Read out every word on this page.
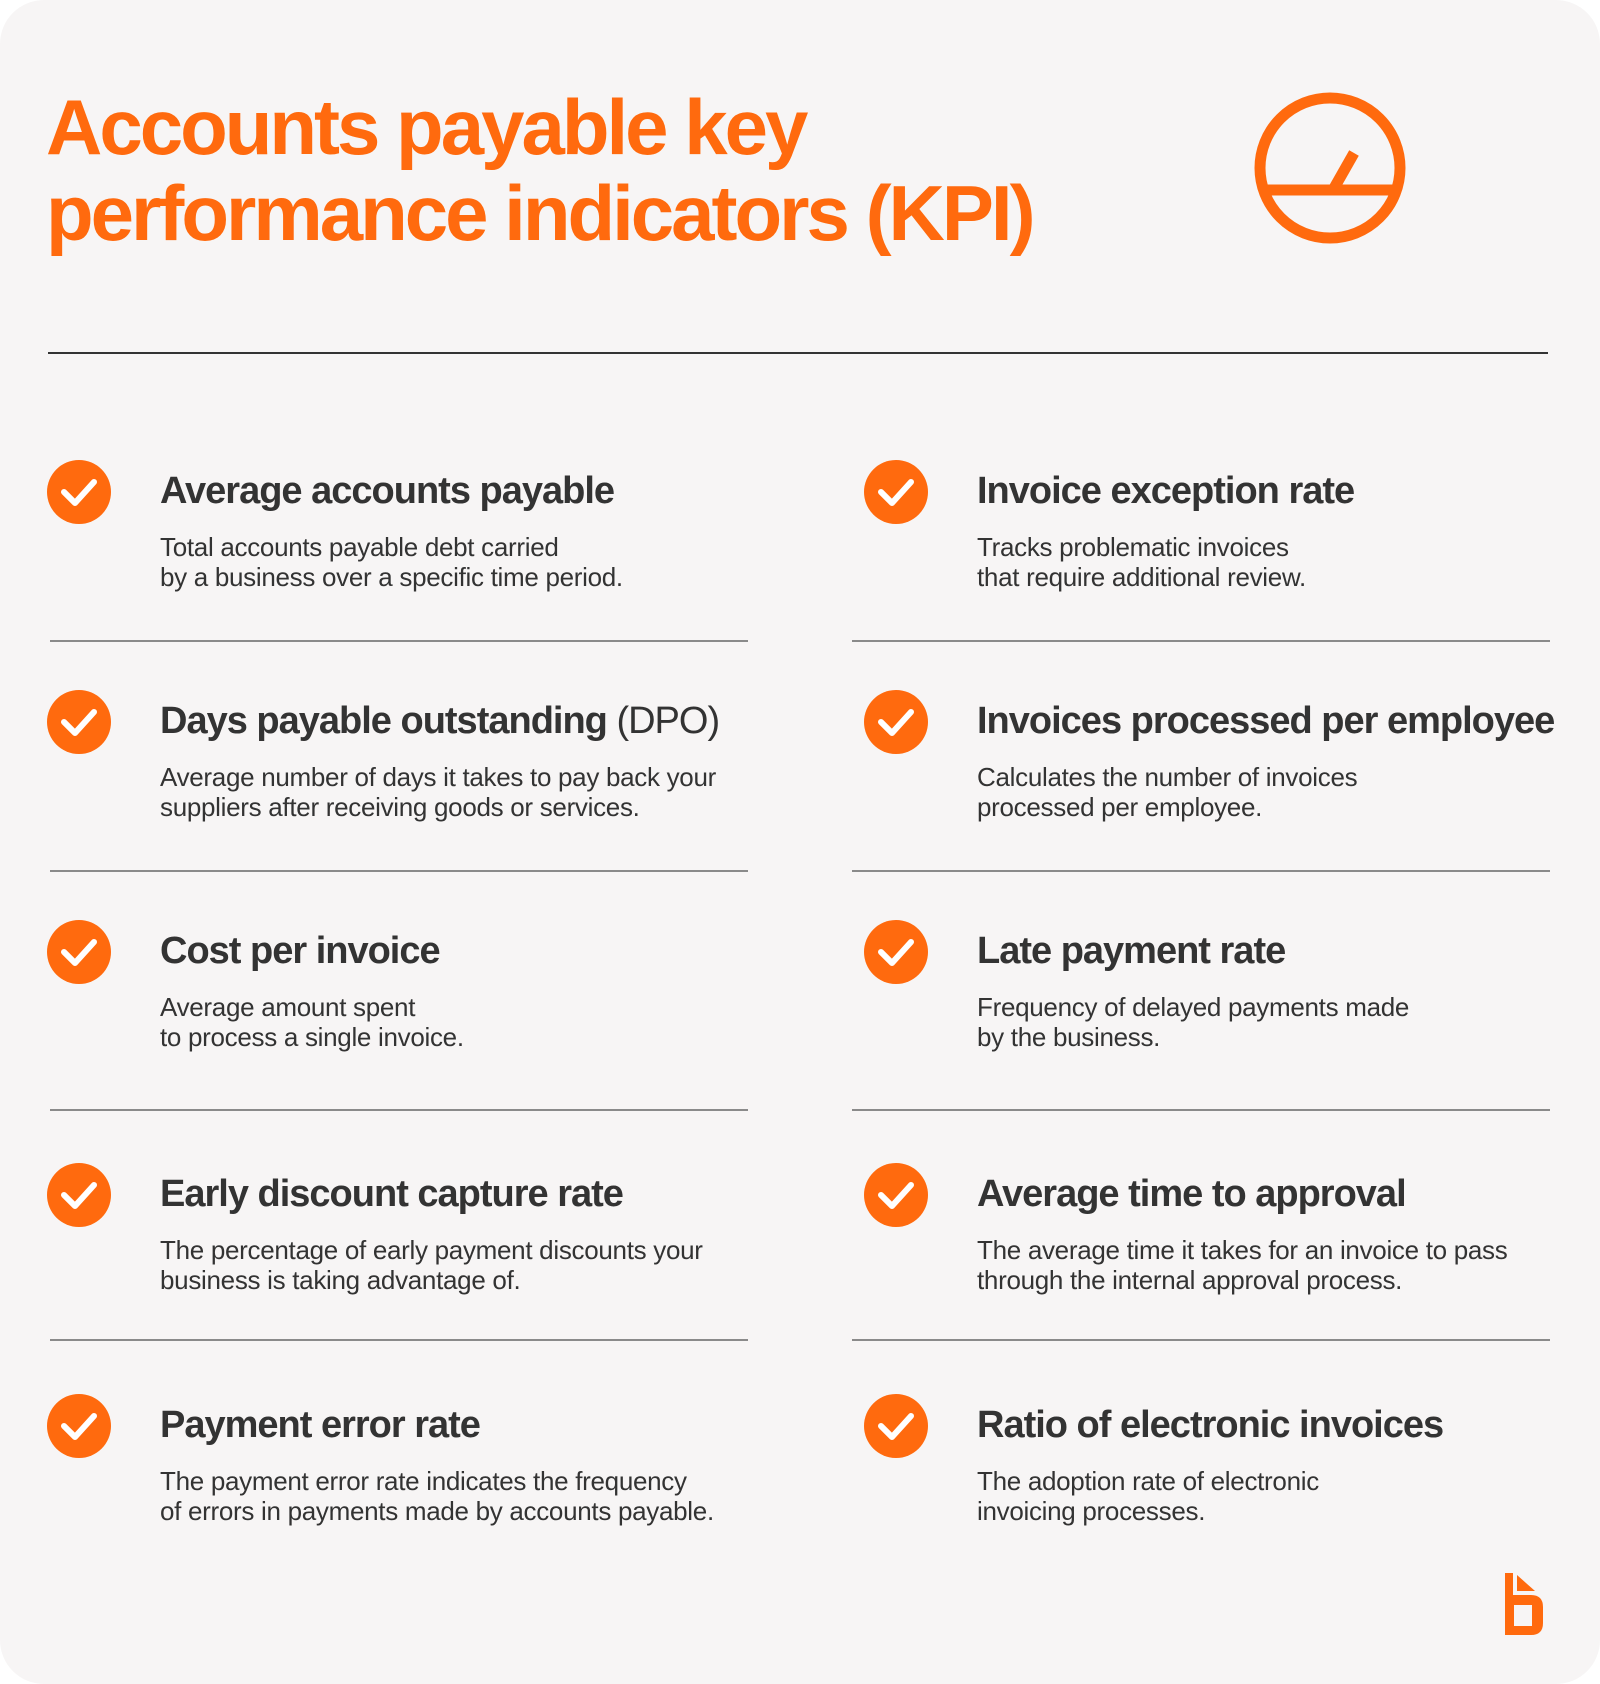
Accounts payable key
performance indicators (KPI)
Average accounts payable
Total accounts payable debt carried
by a business over a specific time period.
Days payable outstanding (DPO)
Average number of days it takes to pay back your
suppliers after receiving goods or services.
Cost per invoice
Average amount spent
to process a single invoice.
Early discount capture rate
The percentage of early payment discounts your
business is taking advantage of.
Payment error rate
The payment error rate indicates the frequency
of errors in payments made by accounts payable.
Invoice exception rate
Tracks problematic invoices
that require additional review.
Invoices processed per employee
Calculates the number of invoices
processed per employee.
Late payment rate
Frequency of delayed payments made
by the business.
Average time to approval
The average time it takes for an invoice to pass
through the internal approval process.
Ratio of electronic invoices
The adoption rate of electronic
invoicing processes.
